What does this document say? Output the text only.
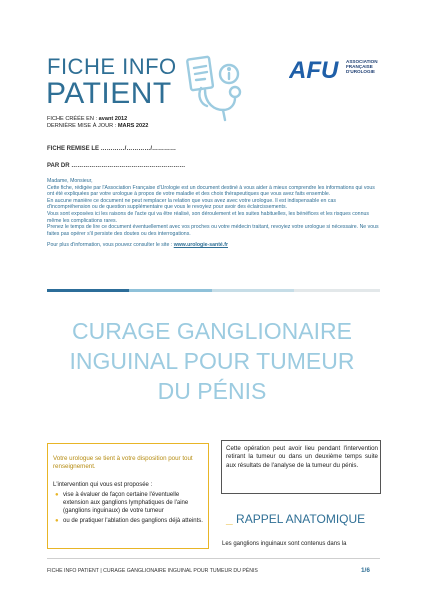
FICHE INFO
PATIENT
FICHE CRÉÉE EN : avant 2012
DERNIÈRE MISE À JOUR : MARS 2022
AFU ASSOCIATION
FRANÇAISE
D'UROLOGIE
FICHE REMISE LE …………/…………/…………
PAR DR …………………………………………………

Madame, Monsieur,

Cette fiche, rédigée par l'Association Française d'Urologie est un document destiné à vous aider à mieux comprendre les informations qui vous ont été expliquées par votre urologue à propos de votre maladie et des choix thérapeutiques que vous avez faits ensemble.

En aucune manière ce document ne peut remplacer la relation que vous avez avec votre urologue. Il est indispensable en cas d'incompréhension ou de question supplémentaire que vous le revoyiez pour avoir des éclaircissements.

Vous sont exposées ici les raisons de l'acte qui va être réalisé, son déroulement et les suites habituelles, les bénéfices et les risques connus même les complications rares.

Prenez le temps de lire ce document éventuellement avec vos proches ou votre médecin traitant, revoyiez votre urologue si nécessaire. Ne vous faites pas opérer s'il persiste des doutes ou des interrogations.

Pour plus d'information, vous pouvez consulter le site : www.urologie-santé.fr

CURAGE GANGLIONAIRE
INGUINAL POUR TUMEUR
DU PÉNIS
Votre urologue se tient à votre disposition pour tout renseignement.
L'intervention qui vous est proposée :
● vise à évaluer de façon certaine l'éventuelle extension aux ganglions lymphatiques de l'aine (ganglions inguinaux) de votre tumeur
● ou de pratiquer l'ablation des ganglions déjà atteints.
Cette opération peut avoir lieu pendant l'intervention retirant la tumeur ou dans un deuxième temps suite aux résultats de l'analyse de la tumeur du pénis.
_ RAPPEL ANATOMIQUE
Les ganglions inguinaux sont contenus dans la
FICHE INFO PATIENT | CURAGE GANGLIONAIRE INGUINAL POUR TUMEUR DU PÉNIS	1/6
